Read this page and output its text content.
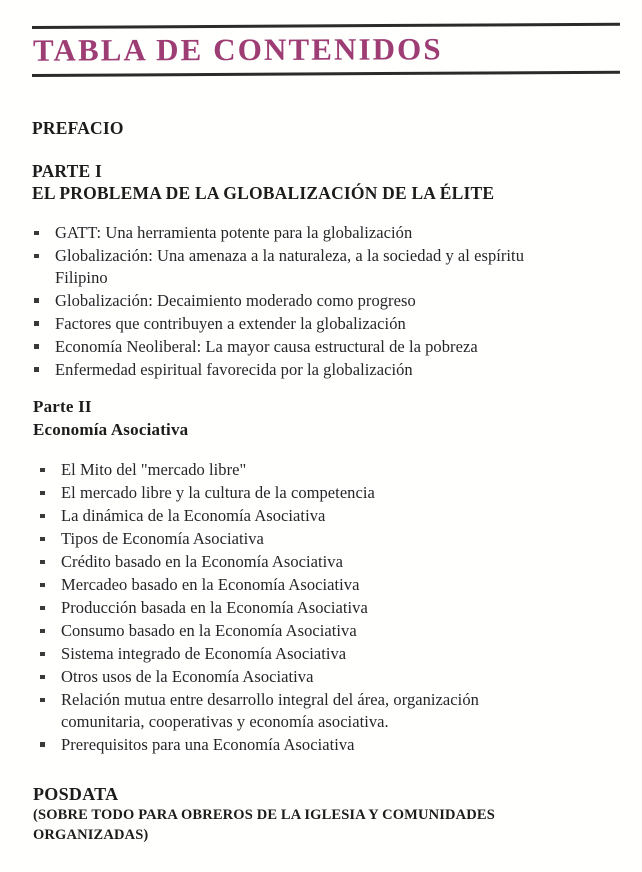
TABLA DE CONTENIDOS
PREFACIO
PARTE I
EL PROBLEMA DE LA GLOBALIZACIÓN DE LA ÉLITE
GATT: Una herramienta potente para la globalización
Globalización: Una amenaza a la naturaleza, a la sociedad y al espíritu Filipino
Globalización: Decaimiento moderado como progreso
Factores que contribuyen a extender la globalización
Economía Neoliberal: La mayor causa estructural de la pobreza
Enfermedad espiritual favorecida por la globalización
Parte II
Economía Asociativa
El Mito del "mercado libre"
El mercado libre y la cultura de la competencia
La dinámica de la Economía Asociativa
Tipos de Economía Asociativa
Crédito basado en la Economía Asociativa
Mercadeo basado en la Economía Asociativa
Producción basada en la Economía Asociativa
Consumo basado en la Economía Asociativa
Sistema integrado de Economía Asociativa
Otros usos de la Economía Asociativa
Relación mutua entre desarrollo integral del área, organización comunitaria, cooperativas y economía asociativa.
Prerequisitos para una Economía Asociativa
POSDATA
(SOBRE TODO PARA OBREROS DE LA IGLESIA Y COMUNIDADES ORGANIZADAS)
